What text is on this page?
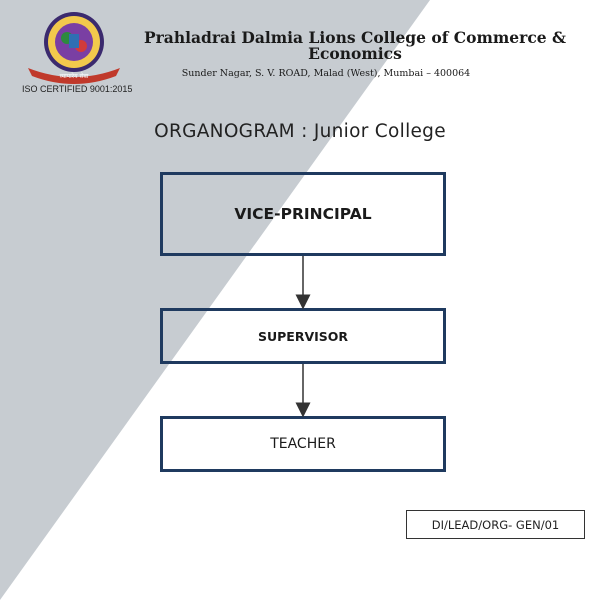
व्यापारेय सेवा
ISO CERTIFIED 9001:2015
Prahladrai Dalmia Lions College of Commerce & Economics
Sunder Nagar, S. V. ROAD, Malad (West), Mumbai – 400064
ORGANOGRAM : Junior College
VICE-PRINCIPAL
SUPERVISOR
TEACHER
DI/LEAD/ORG- GEN/01
